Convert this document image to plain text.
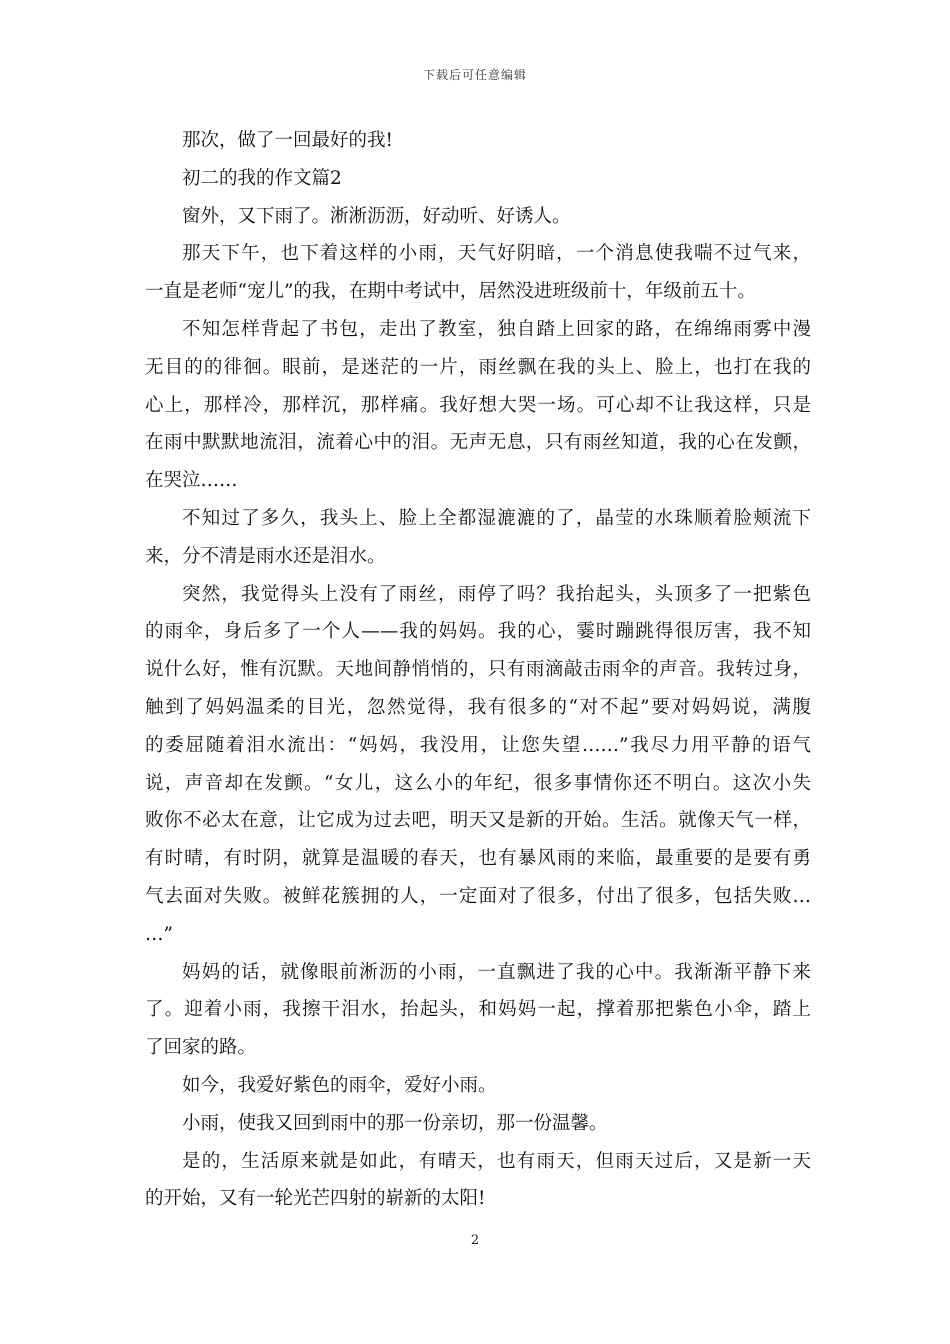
下载后可任意编辑
那次，做了一回最好的我!
初二的我的作文篇2
窗外，又下雨了。淅淅沥沥，好动听、好诱人。
那天下午，也下着这样的小雨，天气好阴暗，一个消息使我喘不过气来，
一直是老师“宠儿”的我，在期中考试中，居然没进班级前十，年级前五十。
不知怎样背起了书包，走出了教室，独自踏上回家的路，在绵绵雨雾中漫
无目的的徘徊。眼前，是迷茫的一片，雨丝飘在我的头上、脸上，也打在我的
心上，那样冷，那样沉，那样痛。我好想大哭一场。可心却不让我这样，只是
在雨中默默地流泪，流着心中的泪。无声无息，只有雨丝知道，我的心在发颤，
在哭泣……
不知过了多久，我头上、脸上全都湿漉漉的了，晶莹的水珠顺着脸颊流下
来，分不清是雨水还是泪水。
突然，我觉得头上没有了雨丝，雨停了吗？我抬起头，头顶多了一把紫色
的雨伞，身后多了一个人——我的妈妈。我的心，霎时蹦跳得很厉害，我不知
说什么好，惟有沉默。天地间静悄悄的，只有雨滴敲击雨伞的声音。我转过身，
触到了妈妈温柔的目光，忽然觉得，我有很多的“对不起”要对妈妈说，满腹
的委屈随着泪水流出：“妈妈，我没用，让您失望……”我尽力用平静的语气
说，声音却在发颤。“女儿，这么小的年纪，很多事情你还不明白。这次小失
败你不必太在意，让它成为过去吧，明天又是新的开始。生活。就像天气一样，
有时晴，有时阴，就算是温暖的春天，也有暴风雨的来临，最重要的是要有勇
气去面对失败。被鲜花簇拥的人，一定面对了很多，付出了很多，包括失败…
…”
妈妈的话，就像眼前淅沥的小雨，一直飘进了我的心中。我渐渐平静下来
了。迎着小雨，我擦干泪水，抬起头，和妈妈一起，撑着那把紫色小伞，踏上
了回家的路。
如今，我爱好紫色的雨伞，爱好小雨。
小雨，使我又回到雨中的那一份亲切，那一份温馨。
是的，生活原来就是如此，有晴天，也有雨天，但雨天过后，又是新一天
的开始，又有一轮光芒四射的崭新的太阳!
2
